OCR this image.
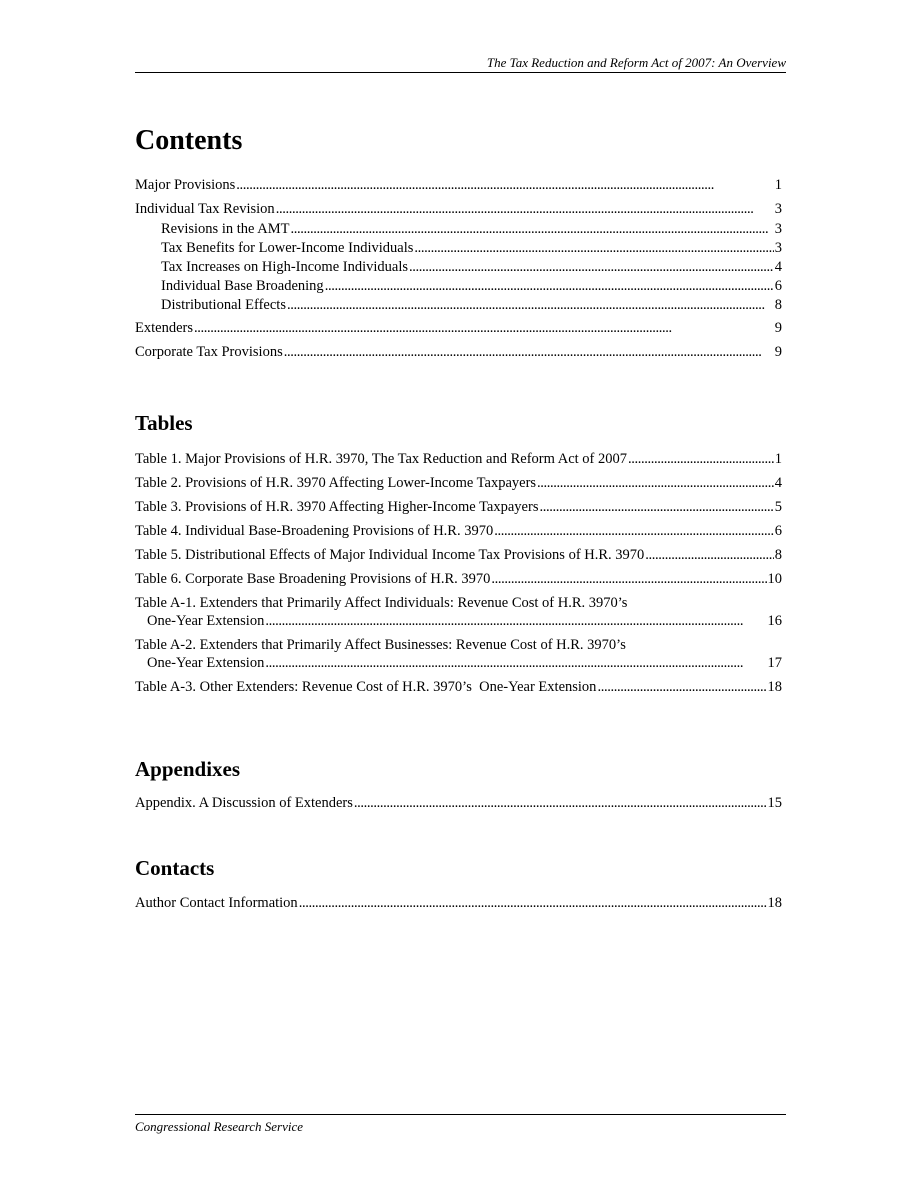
The Tax Reduction and Reform Act of 2007: An Overview
Contents
Major Provisions . . .	1
Individual Tax Revision . . .	3
Revisions in the AMT . . .	3
Tax Benefits for Lower-Income Individuals . . .	3
Tax Increases on High-Income Individuals . . .	4
Individual Base Broadening . . .	6
Distributional Effects . . .	8
Extenders . . .	9
Corporate Tax Provisions . . .	9
Tables
Table 1. Major Provisions of H.R. 3970, The Tax Reduction and Reform Act of 2007 . . .	1
Table 2. Provisions of H.R. 3970 Affecting Lower-Income Taxpayers . . .	4
Table 3. Provisions of H.R. 3970 Affecting Higher-Income Taxpayers . . .	5
Table 4. Individual Base-Broadening Provisions of H.R. 3970 . . .	6
Table 5. Distributional Effects of Major Individual Income Tax Provisions of H.R. 3970 . . .	8
Table 6. Corporate Base Broadening Provisions of H.R. 3970 . . .	10
Table A-1. Extenders that Primarily Affect Individuals: Revenue Cost of H.R. 3970’s
One-Year Extension . . .	16
Table A-2. Extenders that Primarily Affect Businesses: Revenue Cost of H.R. 3970’s
One-Year Extension . . .	17
Table A-3. Other Extenders: Revenue Cost of H.R. 3970’s  One-Year Extension . . .	18
Appendixes
Appendix. A Discussion of Extenders . . .	15
Contacts
Author Contact Information . . .	18
Congressional Research Service
